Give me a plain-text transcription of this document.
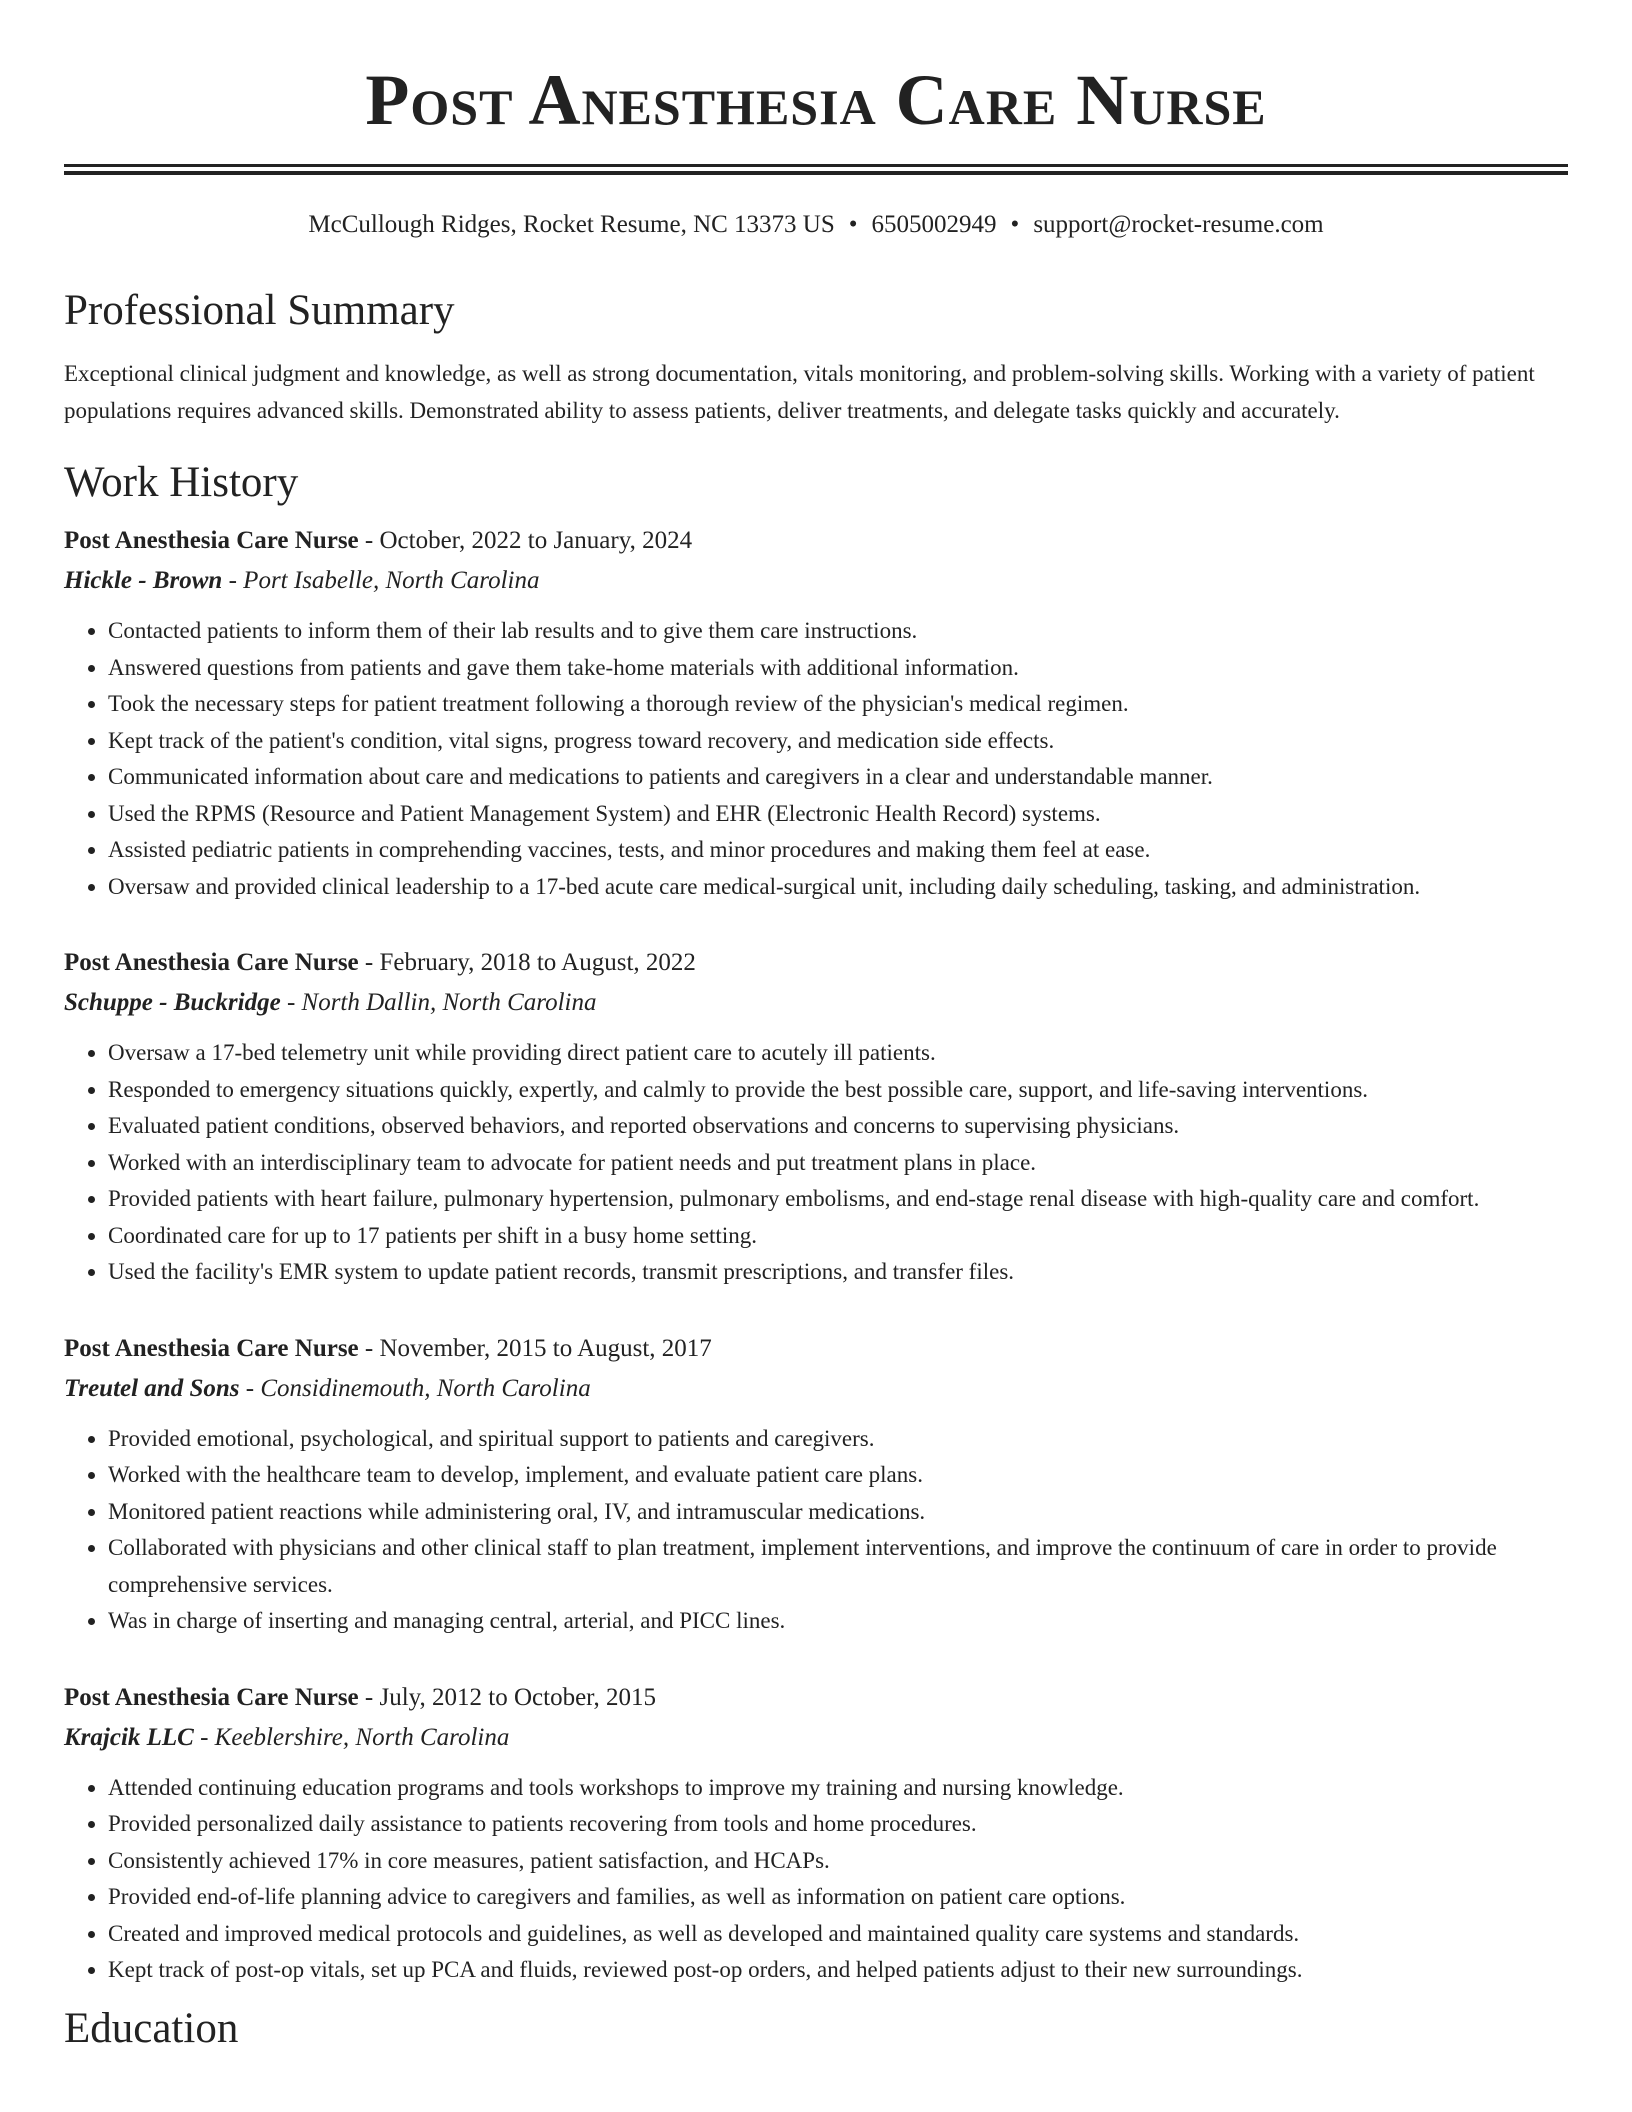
Post Anesthesia Care Nurse
McCullough Ridges, Rocket Resume, NC 13373 US • 6505002949 • support@rocket-resume.com
Professional Summary

Exceptional clinical judgment and knowledge, as well as strong documentation, vitals monitoring, and problem-solving skills. Working with a variety of patient populations requires advanced skills. Demonstrated ability to assess patients, deliver treatments, and delegate tasks quickly and accurately.

Work History
Post Anesthesia Care Nurse - October, 2022 to January, 2024
Hickle - Brown - Port Isabelle, North Carolina
• Contacted patients to inform them of their lab results and to give them care instructions.
• Answered questions from patients and gave them take-home materials with additional information.
• Took the necessary steps for patient treatment following a thorough review of the physician's medical regimen.
• Kept track of the patient's condition, vital signs, progress toward recovery, and medication side effects.
• Communicated information about care and medications to patients and caregivers in a clear and understandable manner.
• Used the RPMS (Resource and Patient Management System) and EHR (Electronic Health Record) systems.
• Assisted pediatric patients in comprehending vaccines, tests, and minor procedures and making them feel at ease.
• Oversaw and provided clinical leadership to a 17-bed acute care medical-surgical unit, including daily scheduling, tasking, and administration.
Post Anesthesia Care Nurse - February, 2018 to August, 2022
Schuppe - Buckridge - North Dallin, North Carolina
• Oversaw a 17-bed telemetry unit while providing direct patient care to acutely ill patients.
• Responded to emergency situations quickly, expertly, and calmly to provide the best possible care, support, and life-saving interventions.
• Evaluated patient conditions, observed behaviors, and reported observations and concerns to supervising physicians.
• Worked with an interdisciplinary team to advocate for patient needs and put treatment plans in place.
• Provided patients with heart failure, pulmonary hypertension, pulmonary embolisms, and end-stage renal disease with high-quality care and comfort.
• Coordinated care for up to 17 patients per shift in a busy home setting.
• Used the facility's EMR system to update patient records, transmit prescriptions, and transfer files.
Post Anesthesia Care Nurse - November, 2015 to August, 2017
Treutel and Sons - Considinemouth, North Carolina
• Provided emotional, psychological, and spiritual support to patients and caregivers.
• Worked with the healthcare team to develop, implement, and evaluate patient care plans.
• Monitored patient reactions while administering oral, IV, and intramuscular medications.
• Collaborated with physicians and other clinical staff to plan treatment, implement interventions, and improve the continuum of care in order to provide comprehensive services.
• Was in charge of inserting and managing central, arterial, and PICC lines.
Post Anesthesia Care Nurse - July, 2012 to October, 2015
Krajcik LLC - Keeblershire, North Carolina
• Attended continuing education programs and tools workshops to improve my training and nursing knowledge.
• Provided personalized daily assistance to patients recovering from tools and home procedures.
• Consistently achieved 17% in core measures, patient satisfaction, and HCAPs.
• Provided end-of-life planning advice to caregivers and families, as well as information on patient care options.
• Created and improved medical protocols and guidelines, as well as developed and maintained quality care systems and standards.
• Kept track of post-op vitals, set up PCA and fluids, reviewed post-op orders, and helped patients adjust to their new surroundings.
Education
